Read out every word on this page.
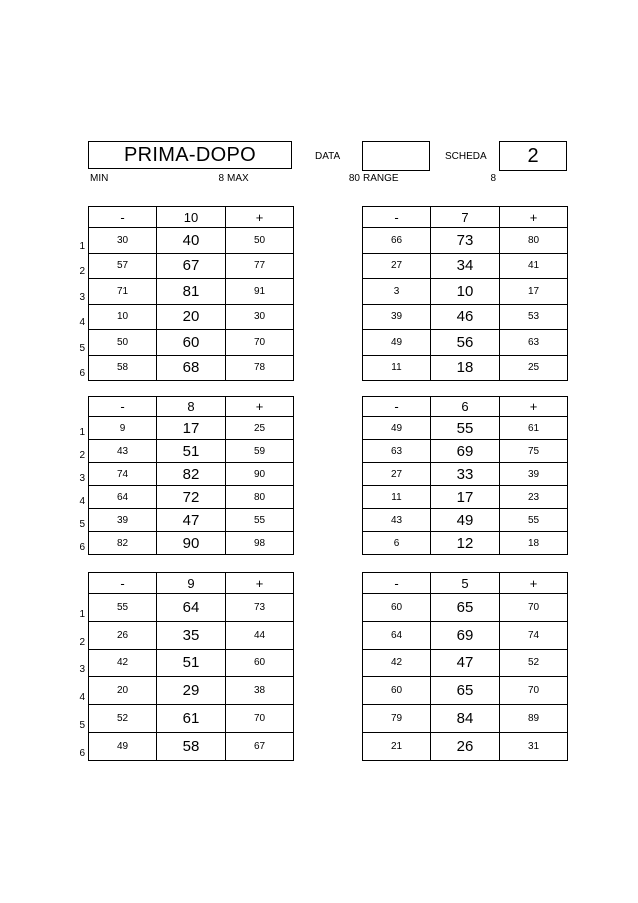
PRIMA-DOPO	DATA	SCHEDA	2
MIN	8 MAX	80 RANGE	8
1
2
3
4
5
6
-	10	+
30	40	50
57	67	77
71	81	91
10	20	30
50	60	70
58	68	78
-	7	+
66	73	80
27	34	41
3	10	17
39	46	53
49	56	63
11	18	25
1
2
3
4
5
6
-	8	+
9	17	25
43	51	59
74	82	90
64	72	80
39	47	55
82	90	98
-	6	+
49	55	61
63	69	75
27	33	39
11	17	23
43	49	55
6	12	18
1
2
3
4
5
6
-	9	+
55	64	73
26	35	44
42	51	60
20	29	38
52	61	70
49	58	67
-	5	+
60	65	70
64	69	74
42	47	52
60	65	70
79	84	89
21	26	31
